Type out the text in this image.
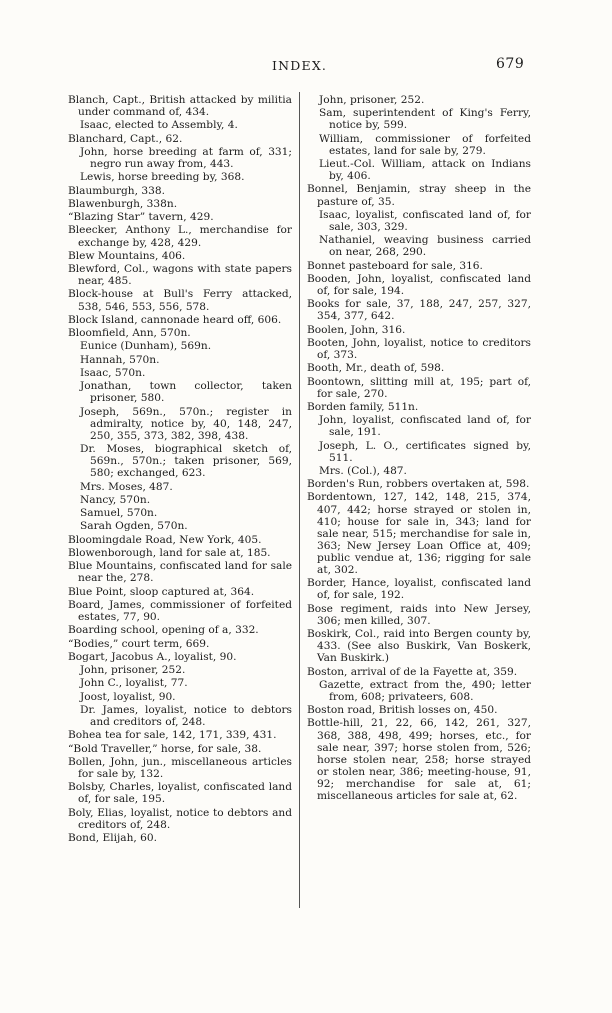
INDEX.	679

Blanch, Capt., British attacked by militia under command of, 434.

Isaac, elected to Assembly, 4.

Blanchard, Capt., 62.

John, horse breeding at farm of, 331; negro run away from, 443.

Lewis, horse breeding by, 368.

Blaumburgh, 338.

Blawenburgh, 338n.

“Blazing Star” tavern, 429.

Bleecker, Anthony L., merchandise for exchange by, 428, 429.

Blew Mountains, 406.

Blewford, Col., wagons with state papers near, 485.

Block-house at Bull's Ferry attacked, 538, 546, 553, 556, 578.

Block Island, cannonade heard off, 606.

Bloomfield, Ann, 570n.

Eunice (Dunham), 569n.

Hannah, 570n.

Isaac, 570n.

Jonathan, town collector, taken prisoner, 580.

Joseph, 569n., 570n.; register in admiralty, notice by, 40, 148, 247, 250, 355, 373, 382, 398, 438.

Dr. Moses, biographical sketch of, 569n., 570n.; taken prisoner, 569, 580; exchanged, 623.

Mrs. Moses, 487.

Nancy, 570n.

Samuel, 570n.

Sarah Ogden, 570n.

Bloomingdale Road, New York, 405.

Blowenborough, land for sale at, 185.

Blue Mountains, confiscated land for sale near the, 278.

Blue Point, sloop captured at, 364.

Board, James, commissioner of forfeited estates, 77, 90.

Boarding school, opening of a, 332.

“Bodies,” court term, 669.

Bogart, Jacobus A., loyalist, 90.

John, prisoner, 252.

John C., loyalist, 77.

Joost, loyalist, 90.

Dr. James, loyalist, notice to debtors and creditors of, 248.

Bohea tea for sale, 142, 171, 339, 431.

“Bold Traveller,” horse, for sale, 38.

Bollen, John, jun., miscellaneous articles for sale by, 132.

Bolsby, Charles, loyalist, confiscated land of, for sale, 195.

Boly, Elias, loyalist, notice to debtors and creditors of, 248.

Bond, Elijah, 60.

John, prisoner, 252.

Sam, superintendent of King's Ferry, notice by, 599.

William, commissioner of forfeited estates, land for sale by, 279.

Lieut.-Col. William, attack on Indians by, 406.

Bonnel, Benjamin, stray sheep in the pasture of, 35.

Isaac, loyalist, confiscated land of, for sale, 303, 329.

Nathaniel, weaving business carried on near, 268, 290.

Bonnet pasteboard for sale, 316.

Booden, John, loyalist, confiscated land of, for sale, 194.

Books for sale, 37, 188, 247, 257, 327, 354, 377, 642.

Boolen, John, 316.

Booten, John, loyalist, notice to creditors of, 373.

Booth, Mr., death of, 598.

Boontown, slitting mill at, 195; part of, for sale, 270.

Borden family, 511n.

John, loyalist, confiscated land of, for sale, 191.

Joseph, L. O., certificates signed by, 511.

Mrs. (Col.), 487.

Borden's Run, robbers overtaken at, 598.

Bordentown, 127, 142, 148, 215, 374, 407, 442; horse strayed or stolen in, 410; house for sale in, 343; land for sale near, 515; merchandise for sale in, 363; New Jersey Loan Office at, 409; public vendue at, 136; rigging for sale at, 302.

Border, Hance, loyalist, confiscated land of, for sale, 192.

Bose regiment, raids into New Jersey, 306; men killed, 307.

Boskirk, Col., raid into Bergen county by, 433. (See also Buskirk, Van Boskerk, Van Buskirk.)

Boston, arrival of de la Fayette at, 359.

Gazette, extract from the, 490; letter from, 608; privateers, 608.

Boston road, British losses on, 450.

Bottle-hill, 21, 22, 66, 142, 261, 327, 368, 388, 498, 499; horses, etc., for sale near, 397; horse stolen from, 526; horse stolen near, 258; horse strayed or stolen near, 386; meeting-house, 91, 92; merchandise for sale at, 61; miscellaneous articles for sale at, 62.
